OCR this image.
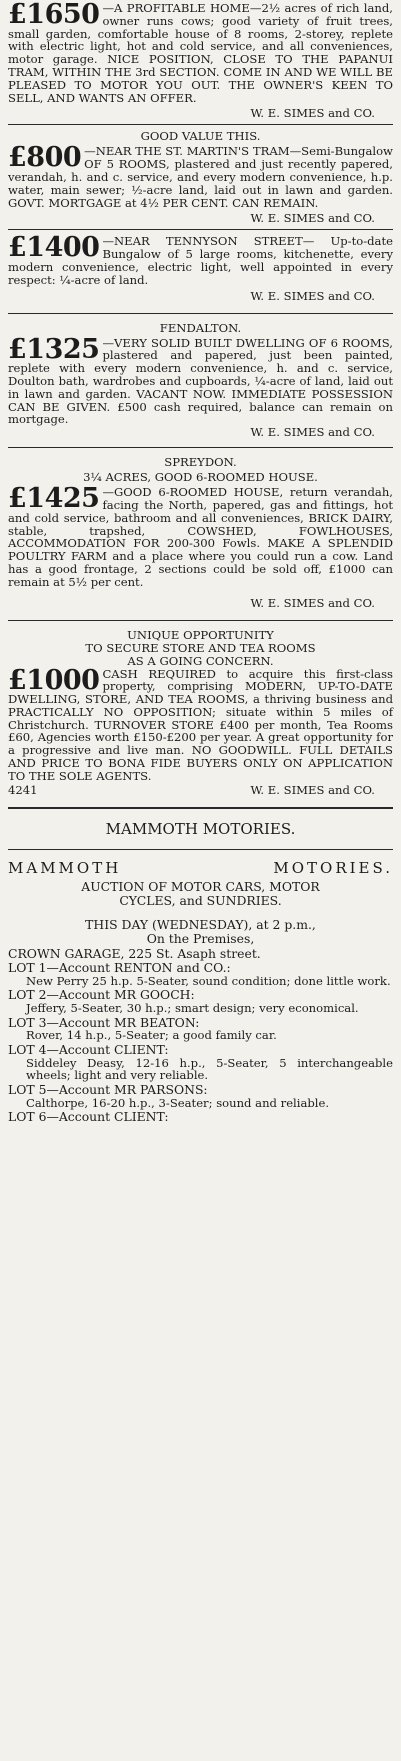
£1650 —A PROFITABLE HOME—2½ acres of rich land, owner runs cows; good variety of fruit trees, small garden, comfortable house of 8 rooms, 2-storey, replete with electric light, hot and cold service, and all conveniences, motor garage. NICE POSITION, CLOSE TO THE PAPANUI TRAM, WITHIN THE 3rd SECTION. COME IN AND WE WILL BE PLEASED TO MOTOR YOU OUT. THE OWNER'S KEEN TO SELL, AND WANTS AN OFFER.

W. E. SIMES and CO.
GOOD VALUE THIS.
£800 —NEAR THE ST. MARTIN'S TRAM—Semi-Bungalow OF 5 ROOMS, plastered and just recently papered, verandah, h. and c. service, and every modern convenience, h.p. water, main sewer; ½-acre land, laid out in lawn and garden. GOVT. MORTGAGE at 4½ PER CENT. CAN REMAIN.

W. E. SIMES and CO.
£1400 —NEAR TENNYSON STREET— Up-to-date Bungalow of 5 large rooms, kitchenette, every modern convenience, electric light, well appointed in every respect: ¼-acre of land.

W. E. SIMES and CO.
FENDALTON.
£1325 —VERY SOLID BUILT DWELLING OF 6 ROOMS, plastered and papered, just been painted, replete with every modern convenience, h. and c. service, Doulton bath, wardrobes and cupboards, ¼-acre of land, laid out in lawn and garden. VACANT NOW. IMMEDIATE POSSESSION CAN BE GIVEN. £500 cash required, balance can remain on mortgage.

W. E. SIMES and CO.
SPREYDON.
3¼ ACRES, GOOD 6-ROOMED HOUSE.
£1425 —GOOD 6-ROOMED HOUSE, return verandah, facing the North, papered, gas and fittings, hot and cold service, bathroom and all conveniences, BRICK DAIRY, stable, trapshed, COWSHED, FOWLHOUSES, ACCOMMODATION FOR 200-300 Fowls. MAKE A SPLENDID POULTRY FARM and a place where you could run a cow. Land has a good frontage, 2 sections could be sold off, £1000 can remain at 5½ per cent.

W. E. SIMES and CO.
UNIQUE OPPORTUNITY
TO SECURE STORE AND TEA ROOMS
AS A GOING CONCERN.
£1000 CASH REQUIRED to acquire this first-class property, comprising MODERN, UP-TO-DATE DWELLING, STORE, AND TEA ROOMS, a thriving business and PRACTICALLY NO OPPOSITION; situate within 5 miles of Christchurch. TURNOVER STORE £400 per month, Tea Rooms £60, Agencies worth £150-£200 per year. A great opportunity for a progressive and live man. NO GOODWILL. FULL DETAILS AND PRICE TO BONA FIDE BUYERS ONLY ON APPLICATION TO THE SOLE AGENTS.

4241	W. E. SIMES and CO.
MAMMOTH MOTORIES.
MAMMOTH	MOTORIES.
AUCTION OF MOTOR CARS, MOTOR
CYCLES, and SUNDRIES.
THIS DAY (WEDNESDAY), at 2 p.m.,
On the Premises,
CROWN GARAGE, 225 St. Asaph street.
LOT 1—Account RENTON and CO.:
New Perry 25 h.p. 5-Seater, sound condition; done little work.
LOT 2—Account MR GOOCH:
Jeffery, 5-Seater, 30 h.p.; smart design; very economical.
LOT 3—Account MR BEATON:
Rover, 14 h.p., 5-Seater; a good family car.
LOT 4—Account CLIENT:
Siddeley Deasy, 12-16 h.p., 5-Seater, 5 interchangeable wheels; light and very reliable.
LOT 5—Account MR PARSONS:
Calthorpe, 16-20 h.p., 3-Seater; sound and reliable.
LOT 6—Account CLIENT:
